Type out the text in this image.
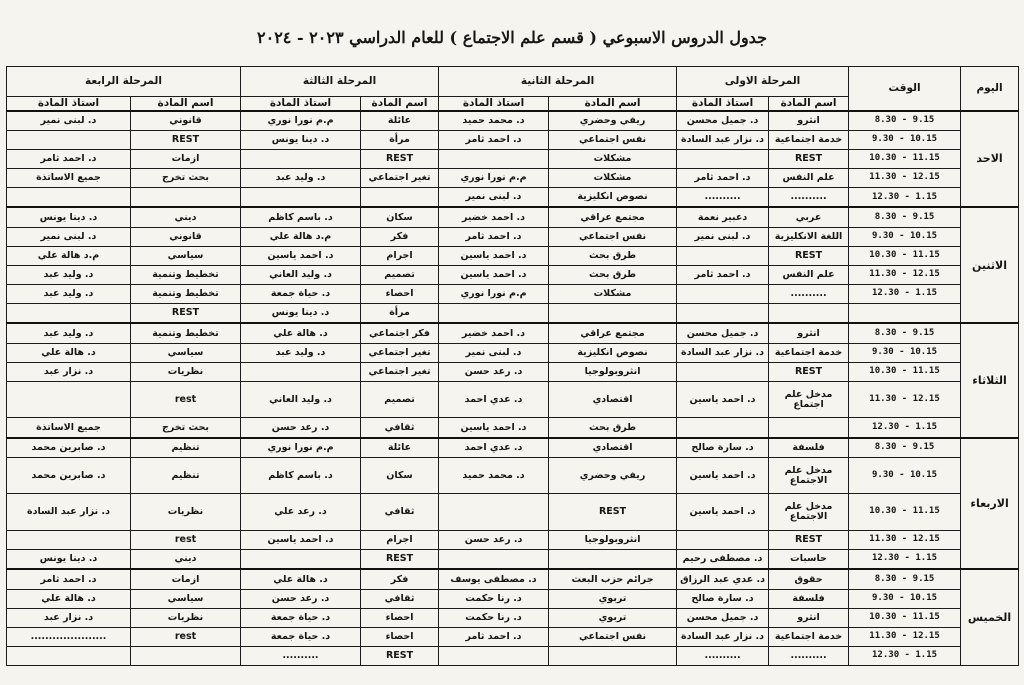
جدول الدروس الاسبوعي ( قسم علم الاجتماع ) للعام الدراسي ٢٠٢٣ - ٢٠٢٤
اليوم	الوقت	المرحلة الاولى		المرحلة الثانية		المرحلة الثالثة		المرحلة الرابعة	
		اسم المادة	استاذ المادة	اسم المادة	استاذ المادة	اسم المادة	استاذ المادة	اسم المادة	استاذ المادة
الاحد	8.30 - 9.15	انثرو	د. جميل محسن	ريفي وحضري	د. محمد حميد	عائلة	م.م نورا نوري	قانوني	د. لبنى نمير
	9.30 - 10.15	خدمة اجتماعية	د. نزار عبد السادة	نفس اجتماعي	د. احمد ثامر	مرأة	د. دينا يونس	REST	
	10.30 - 11.15	REST		مشكلات		REST		ازمات	د. احمد ثامر
	11.30 - 12.15	علم النفس	د. احمد ثامر	مشكلات	م.م نورا نوري	تغير اجتماعي	د. وليد عبد	بحث تخرج	جميع الاساتذة
	12.30 - 1.15	..........	..........	نصوص انكليزية	د. لبنى نمير				
الاثنين	8.30 - 9.15	عربي	دعبير نعمة	مجتمع عراقي	د. احمد خضير	سكان	د. باسم كاظم	ديني	د. دينا يونس
	9.30 - 10.15	اللغة الانكليزية	د. لبنى نمير	نفس اجتماعي	د. احمد ثامر	فكر	م.د هالة علي	قانوني	د. لبنى نمير
	10.30 - 11.15	REST		طرق بحث	د. احمد ياسين	اجرام	د. احمد ياسين	سياسي	م.د هالة علي
	11.30 - 12.15	علم النفس	د. احمد ثامر	طرق بحث	د. احمد ياسين	تصميم	د. وليد العاني	تخطيط وتنمية	د. وليد عبد
	12.30 - 1.15	..........		مشكلات	م.م نورا نوري	احصاء	د. حياة جمعة	تخطيط وتنمية	د. وليد عبد
						مرأة	د. دينا يونس	REST	
الثلاثاء	8.30 - 9.15	انثرو	د. جميل محسن	مجتمع عراقي	د. احمد خضير	فكر اجتماعي	د. هالة علي	تخطيط وتنمية	د. وليد عبد
	9.30 - 10.15	خدمة اجتماعية	د. نزار عبد السادة	نصوص انكليزية	د. لبنى نمير	تغير اجتماعي	د. وليد عبد	سياسي	د. هالة علي
	10.30 - 11.15	REST		انثروبولوجيا	د. رعد حسن	تغير اجتماعي		نظريات	د. نزار عبد
	11.30 - 12.15	مدخل علم اجتماع	د. احمد ياسين	اقتصادي	د. عدي احمد	تصميم	د. وليد العاني	rest	
	12.30 - 1.15			طرق بحث	د. احمد ياسين	ثقافي	د. رعد حسن	بحث تخرج	جميع الاساتذة
الاربعاء	8.30 - 9.15	فلسفة	د. سارة صالح	اقتصادي	د. عدي احمد	عائلة	م.م نورا نوري	تنظيم	د. صابرين محمد
	9.30 - 10.15	مدخل علم الاجتماع	د. احمد ياسين	ريفي وحضري	د. محمد حميد	سكان	د. باسم كاظم	تنظيم	د. صابرين محمد
	10.30 - 11.15	مدخل علم الاجتماع	د. احمد ياسين	REST		ثقافي	د. رعد علي	نظريات	د. نزار عبد السادة
	11.30 - 12.15	REST		انثروبولوجيا	د. رعد حسن	اجرام	د. احمد ياسين	rest	
	12.30 - 1.15	حاسبات	د. مصطفى رحيم			REST		ديني	د. دينا يونس
الخميس	8.30 - 9.15	حقوق	د. عدي عبد الرزاق	جرائم حزب البعث	د. مصطفى يوسف	فكر	د. هالة علي	ازمات	د. احمد ثامر
	9.30 - 10.15	فلسفة	د. سارة صالح	تربوي	د. رنا حكمت	ثقافي	د. رعد حسن	سياسي	د. هالة علي
	10.30 - 11.15	انثرو	د. جميل محسن	تربوي	د. رنا حكمت	احصاء	د. حياة جمعة	نظريات	د. نزار عبد
	11.30 - 12.15	خدمة اجتماعية	د. نزار عبد السادة	نفس اجتماعي	د. احمد ثامر	احصاء	د. حياة جمعة	rest	.....................
	12.30 - 1.15	..........	..........			REST	..........		
